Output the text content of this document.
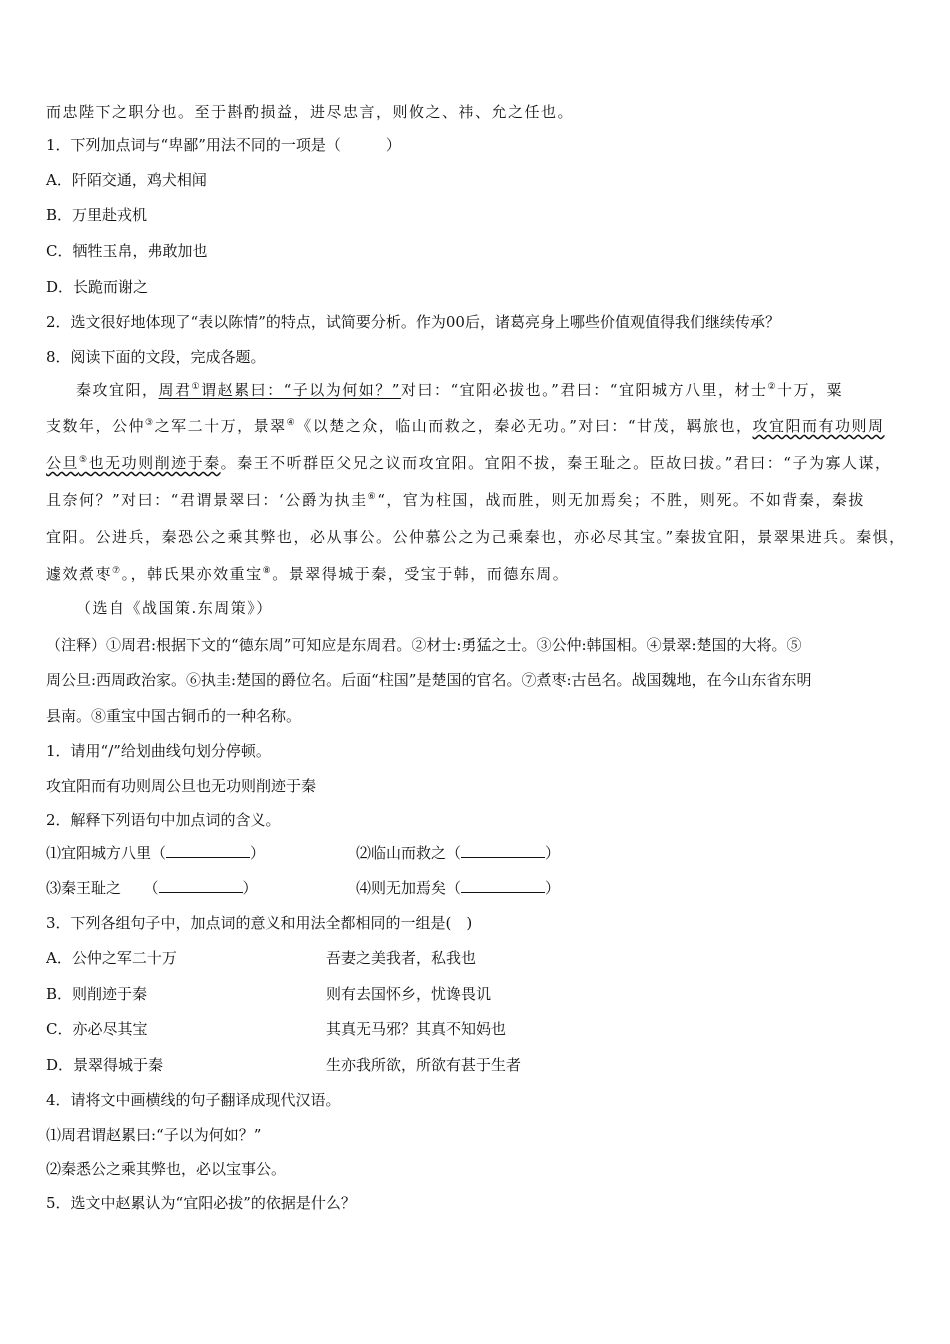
而忠陛下之职分也。至于斟酌损益，进尽忠言，则攸之、祎、允之任也。
1．下列加点词与“卑鄙”用法不同的一项是（　　　）
A．阡陌交通，鸡犬相闻
B．万里赴戎机
C．牺牲玉帛，弗敢加也
D．长跪而谢之
2．选文很好地体现了“表以陈情”的特点，试简要分析。作为00后，诸葛亮身上哪些价值观值得我们继续传承？
8．阅读下面的文段，完成各题。
秦攻宜阳，周君①谓赵累曰：“子以为何如？”对曰：“宜阳必拔也。”君曰：“宜阳城方八里，材士②十万，粟
支数年，公仲③之军二十万，景翠④《以楚之众，临山而救之，秦必无功。”对曰：“甘茂，羁旅也，攻宜阳而有功则周
公旦⑤也无功则削迹于秦。秦王不听群臣父兄之议而攻宜阳。宜阳不拔，秦王耻之。臣故曰拔。”君曰：“子为寡人谋，
且奈何？”对曰：“君谓景翠曰：‘公爵为执圭⑥“，官为柱国，战而胜，则无加焉矣；不胜，则死。不如背秦，秦拔
宜阳。公进兵，秦恐公之乘其弊也，必从事公。公仲慕公之为己乘秦也，亦必尽其宝。”秦拔宜阳，景翠果进兵。秦惧，
遽效煮枣⑦。，韩氏果亦效重宝⑧。景翠得城于秦，受宝于韩，而德东周。
（选自《战国策.东周策》）
（注释）①周君:根据下文的“德东周”可知应是东周君。②材士:勇猛之士。③公仲:韩国相。④景翠:楚国的大将。⑤
周公旦:西周政治家。⑥执圭:楚国的爵位名。后面“柱国”是楚国的官名。⑦煮枣:古邑名。战国魏地，在今山东省东明
县南。⑧重宝中国古铜币的一种名称。
1．请用“/”给划曲线句划分停顿。
攻宜阳而有功则周公旦也无功则削迹于秦
2．解释下列语句中加点词的含义。
⑴宜阳城方八里（	）	⑵临山而救之（	）
⑶秦王耻之　　（	）	⑷则无加焉矣（	）
3．下列各组句子中，加点词的意义和用法全都相同的一组是(　)
A．公仲之军二十万	吾妻之美我者，私我也
B．则削迹于秦	则有去国怀乡，忧谗畏讥
C．亦必尽其宝	其真无马邪？其真不知妈也
D．景翠得城于秦	生亦我所欲，所欲有甚于生者
4．请将文中画横线的句子翻译成现代汉语。
⑴周君谓赵累曰:“子以为何如？”
⑵秦悉公之乘其弊也，必以宝事公。
5．选文中赵累认为“宜阳必拔”的依据是什么？
